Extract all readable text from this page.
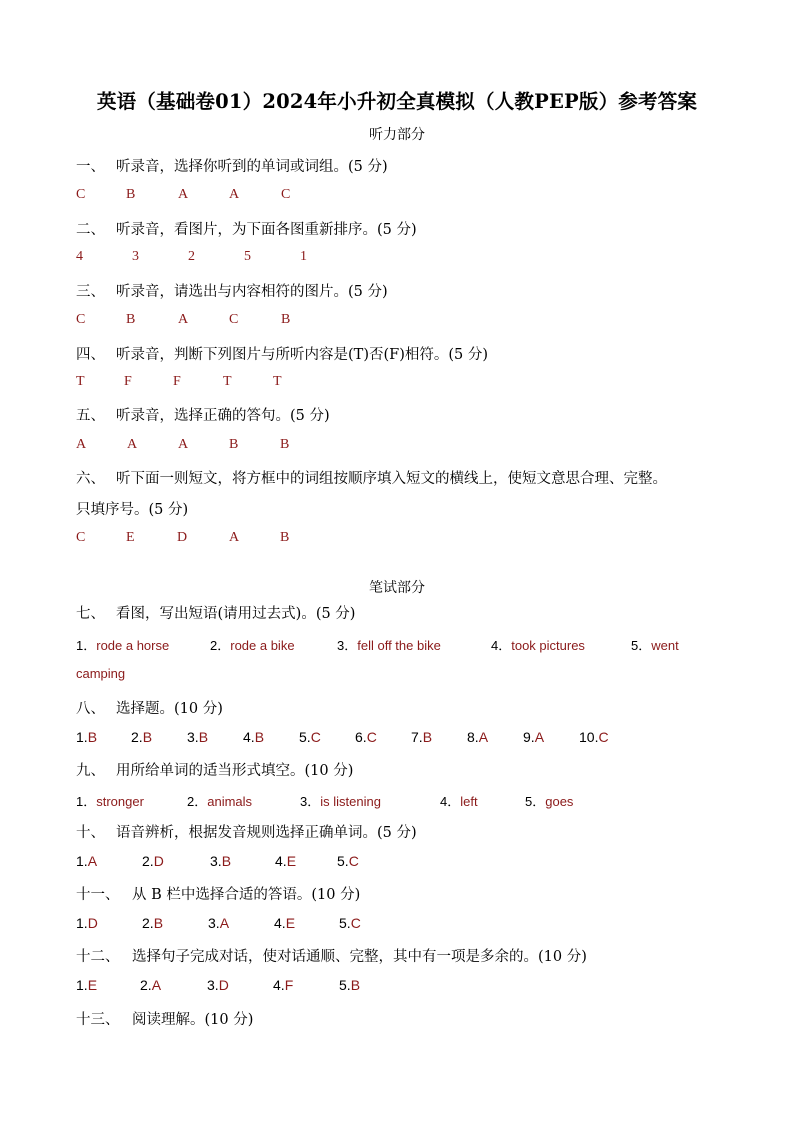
英语（基础卷01）2024年小升初全真模拟（人教PEP版）参考答案
听力部分
一、 听录音，选择你听到的单词或词组。(5 分)
C	B	A	A	C
二、 听录音，看图片，为下面各图重新排序。(5 分)
4	3	2	5	1
三、 听录音，请选出与内容相符的图片。(5 分)
C	B	A	C	B
四、 听录音，判断下列图片与所听内容是(T)否(F)相符。(5 分)
T	F	F	T	T
五、 听录音，选择正确的答句。(5 分)
A	A	A	B	B
六、 听下面一则短文，将方框中的词组按顺序填入短文的横线上，使短文意思合理、完整。
只填序号。(5 分)
C	E	D	A	B
笔试部分
七、 看图，写出短语(请用过去式)。(5 分)
1．rode a horse	2．rode a bike	3．fell off the bike	4．took pictures	5．went
camping
八、 选择题。(10 分)
1.B 2.B 3.B 4.B 5.C 6.C 7.B 8.A 9.A 10.C
九、 用所给单词的适当形式填空。(10 分)
1．stronger	2．animals	3．is listening	4．left	5．goes
十、 语音辨析，根据发音规则选择正确单词。(5 分)
1.A	2.D	3.B	4.E	5.C
十一、 从 B 栏中选择合适的答语。(10 分)
1.D	2.B	3.A	4.E	5.C
十二、 选择句子完成对话，使对话通顺、完整，其中有一项是多余的。(10 分)
1.E	2.A	3.D	4.F	5.B
十三、 阅读理解。(10 分)
